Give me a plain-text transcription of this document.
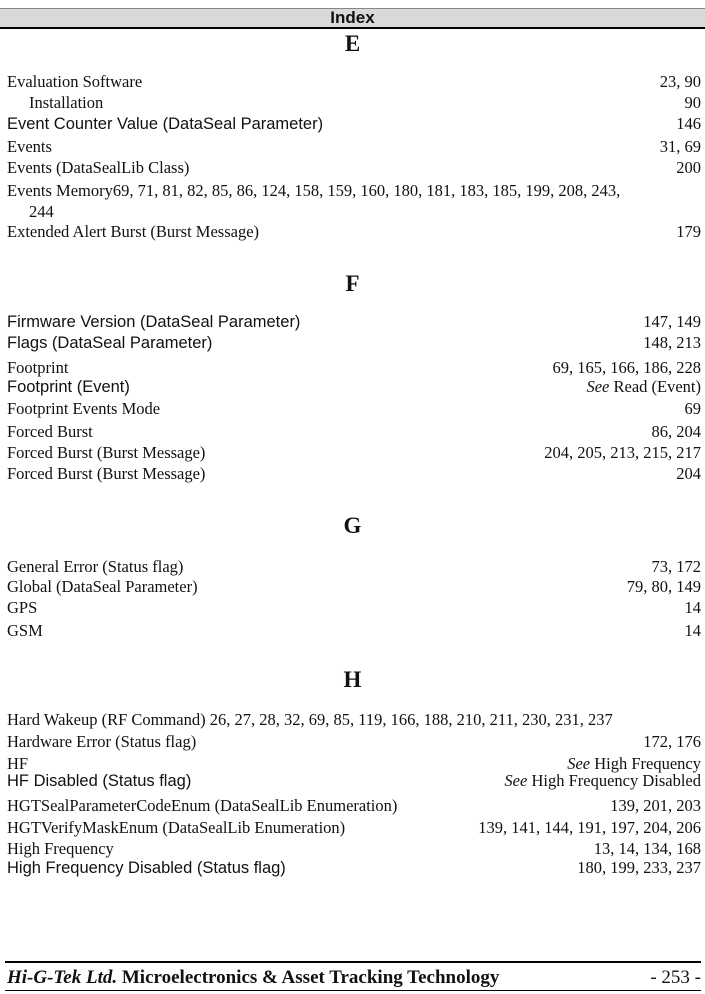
Index
E
Evaluation Software	23, 90
Installation	90
Event Counter Value (DataSeal Parameter)	146
Events	31, 69
Events (DataSealLib Class)	200
Events Memory69, 71, 81, 82, 85, 86, 124, 158, 159, 160, 180, 181, 183, 185, 199, 208, 243,
244
Extended Alert Burst (Burst Message)	179
F
Firmware Version (DataSeal Parameter)	147, 149
Flags (DataSeal Parameter)	148, 213
Footprint	69, 165, 166, 186, 228
Footprint (Event)	See Read (Event)
Footprint Events Mode	69
Forced Burst	86, 204
Forced Burst (Burst Message)	204, 205, 213, 215, 217
Forced Burst (Burst Message)	204
G
General Error (Status flag)	73, 172
Global (DataSeal Parameter)	79, 80, 149
GPS	14
GSM	14
H
Hard Wakeup (RF Command) 26, 27, 28, 32, 69, 85, 119, 166, 188, 210, 211, 230, 231, 237
Hardware Error (Status flag)	172, 176
HF	See High Frequency
HF Disabled (Status flag)	See High Frequency Disabled
HGTSealParameterCodeEnum (DataSealLib Enumeration)	139, 201, 203
HGTVerifyMaskEnum (DataSealLib Enumeration)	139, 141, 144, 191, 197, 204, 206
High Frequency	13, 14, 134, 168
High Frequency Disabled (Status flag)	180, 199, 233, 237
Hi-G-Tek Ltd. Microelectronics & Asset Tracking Technology	- 253 -
